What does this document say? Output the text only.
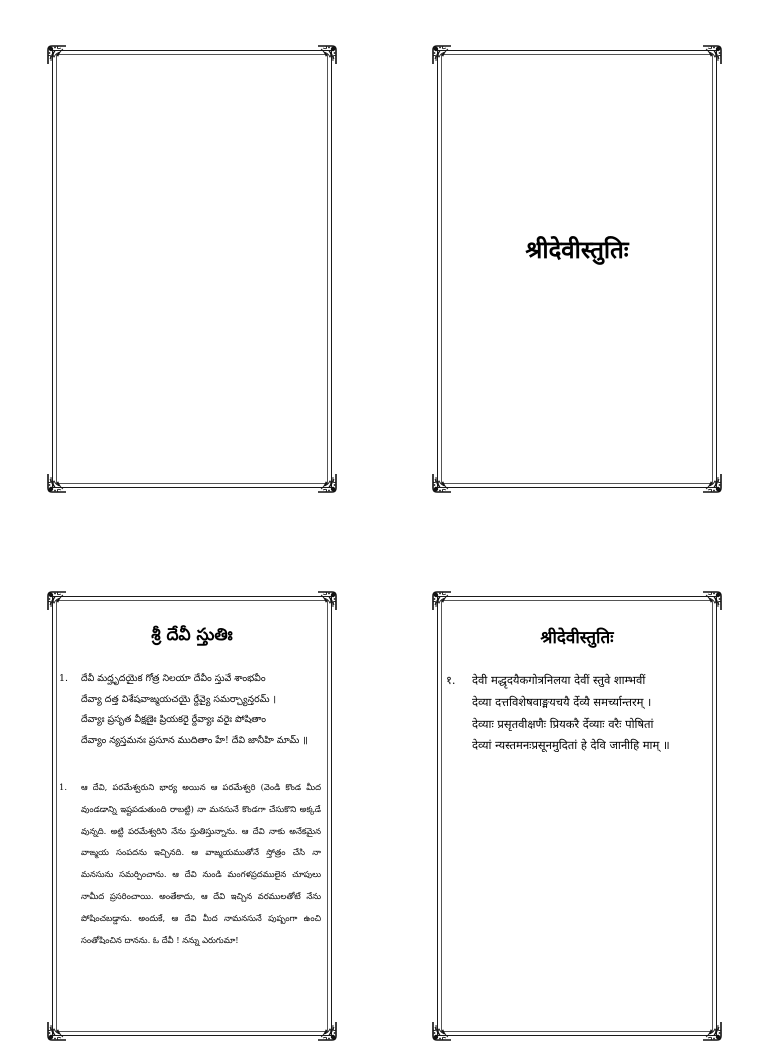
श्रीदेवीस्तुतिः
శ్రీ దేవీ స్తుతిః
1.	దేవీ మద్హృదయైక గోత్ర నిలయా దేవీం స్తువే శాంభవీం
దేవ్యా దత్త విశేషవాఙ్మయచయై ర్దేవ్యై సమర్చ్యాన్తరమ్ ।
దేవ్యాః ప్రసృత వీక్షణైః ప్రియకరై ర్దేవ్యాః వరైః పోషితాం
దేవ్యాం న్యస్తమనః ప్రసూన ముదితాం హే! దేవి జానీహి మామ్ ॥
1.	ఆ దేవి, పరమేశ్వరుని భార్య అయిన ఆ పరమేశ్వరి (వెండి కొండ మీద వుండడాన్ని ఇష్టపడుతుంది రాబట్టి) నా మనసునే కొండగా చేసుకొని అక్కడే వున్నది. అట్టి పరమేశ్వరిని నేను స్తుతిస్తున్నాను. ఆ దేవి నాకు అనేకమైన వాఙ్మయ సంపదను ఇచ్చినది. ఆ వాఙ్మయముతోనే స్తోత్రం చేసి నా మనసును సమర్పించాను. ఆ దేవి నుండి మంగళప్రదములైన చూపులు నామీద ప్రసరించాయి. అంతేకాదు, ఆ దేవి ఇచ్చిన వరములతోటే నేను పోషించబడ్డాను. అందుకే, ఆ దేవి మీద నామనసునే పుష్పంగా ఉంచి సంతోషించిన దానను. ఓ దేవీ ! నన్ను ఎరుగుమా!
श्रीदेवीस्तुतिः
१.	देवी मद्धृदयैकगोत्रनिलया देवीं स्तुवे शाम्भवीं
देव्या दत्तविशेषवाङ्मयचयै र्देव्यै समर्च्यान्तरम् ।
देव्याः प्रसृतवीक्षणैः प्रियकरै र्देव्याः वरैः पोषितां
देव्यां न्यस्तमनःप्रसूनमुदितां हे देवि जानीहि माम् ॥
